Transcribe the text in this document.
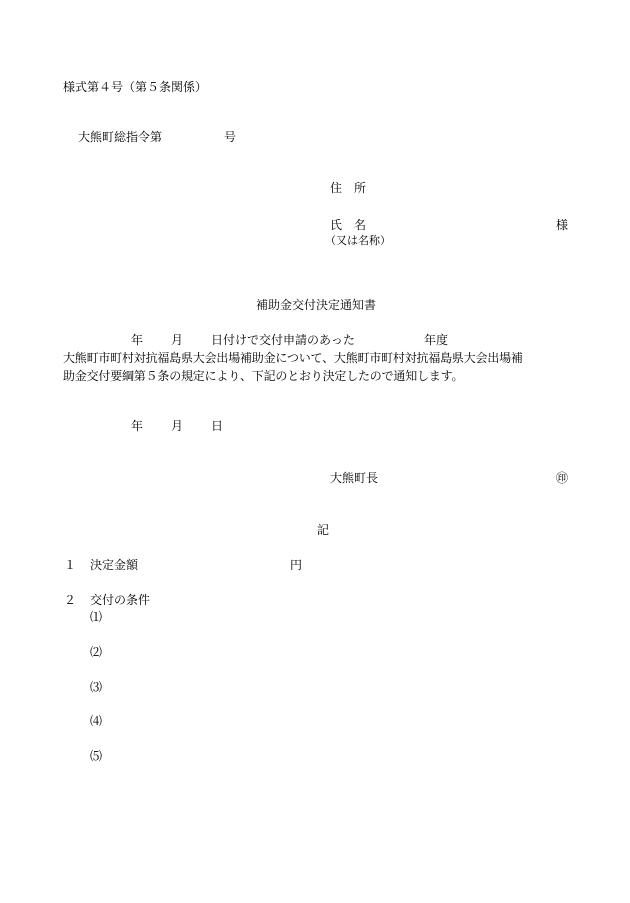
様式第４号（第５条関係）
大熊町総指令第	号
住　所
氏　名
（又は名称）
様
補助金交付決定通知書
年 月 日付けで交付申請のあった	年度
大熊町市町村対抗福島県大会出場補助金について、大熊町市町村対抗福島県大会出場補
助金交付要綱第５条の規定により、下記のとおり決定したので通知します。
年 月 日
大熊町長	㊞
記
１ 決定金額	円
２ 交付の条件
⑴
⑵
⑶
⑷
⑸
